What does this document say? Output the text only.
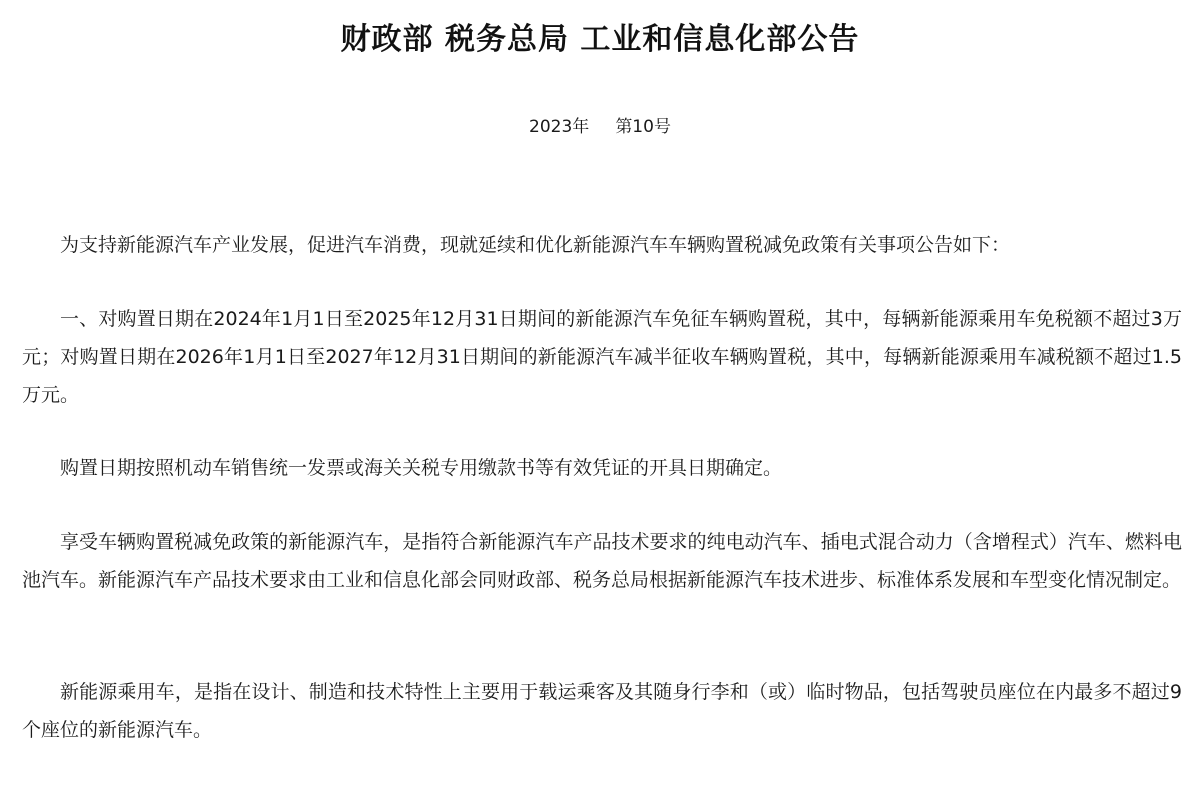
财政部 税务总局 工业和信息化部公告
2023年 第10号

为支持新能源汽车产业发展，促进汽车消费，现就延续和优化新能源汽车车辆购置税减免政策有关事项公告如下：

一、对购置日期在2024年1月1日至2025年12月31日期间的新能源汽车免征车辆购置税，其中，每辆新能源乘用车免税额不超过3万元；对购置日期在2026年1月1日至2027年12月31日期间的新能源汽车减半征收车辆购置税，其中，每辆新能源乘用车减税额不超过1.5万元。

购置日期按照机动车销售统一发票或海关关税专用缴款书等有效凭证的开具日期确定。

享受车辆购置税减免政策的新能源汽车，是指符合新能源汽车产品技术要求的纯电动汽车、插电式混合动力（含增程式）汽车、燃料电池汽车。新能源汽车产品技术要求由工业和信息化部会同财政部、税务总局根据新能源汽车技术进步、标准体系发展和车型变化情况制定。

新能源乘用车，是指在设计、制造和技术特性上主要用于载运乘客及其随身行李和（或）临时物品，包括驾驶员座位在内最多不超过9个座位的新能源汽车。
